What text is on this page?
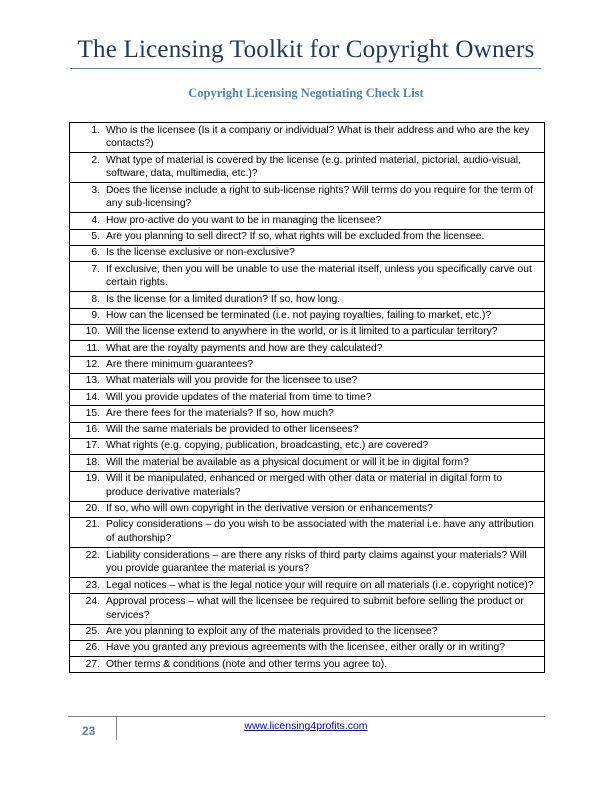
The Licensing Toolkit for Copyright Owners
Copyright Licensing Negotiating Check List
1. Who is the licensee (Is it a company or individual? What is their address and who are the key contacts?)

2. What type of material is covered by the license (e.g. printed material, pictorial, audio-visual, software, data, multimedia, etc.)?

3. Does the license include a right to sub-license rights? Will terms do you require for the term of any sub-licensing?

4. How pro-active do you want to be in managing the licensee?

5. Are you planning to sell direct? If so, what rights will be excluded from the licensee.

6. Is the license exclusive or non-exclusive?

7. If exclusive, then you will be unable to use the material itself, unless you specifically carve out certain rights.

8. Is the license for a limited duration? If so, how long.

9. How can the licensed be terminated (i.e. not paying royalties, failing to market, etc.)?

10. Will the license extend to anywhere in the world, or is it limited to a particular territory?

11. What are the royalty payments and how are they calculated?

12. Are there minimum guarantees?

13. What materials will you provide for the licensee to use?

14. Will you provide updates of the material from time to time?

15. Are there fees for the materials? If so, how much?

16. Will the same materials be provided to other licensees?

17. What rights (e.g. copying, publication, broadcasting, etc.) are covered?

18. Will the material be available as a physical document or will it be in digital form?

19. Will it be manipulated, enhanced or merged with other data or material in digital form to produce derivative materials?

20. If so, who will own copyright in the derivative version or enhancements?

21. Policy considerations – do you wish to be associated with the material i.e. have any attribution of authorship?

22. Liability considerations – are there any risks of third party claims against your materials? Will you provide guarantee the material is yours?

23. Legal notices – what is the legal notice your will require on all materials (i.e. copyright notice)?

24. Approval process – what will the licensee be required to submit before selling the product or services?

25. Are you planning to exploit any of the materials provided to the licensee?

26. Have you granted any previous agreements with the licensee, either orally or in writing?

27. Other terms & conditions (note and other terms you agree to).
23	www.licensing4profits.com
